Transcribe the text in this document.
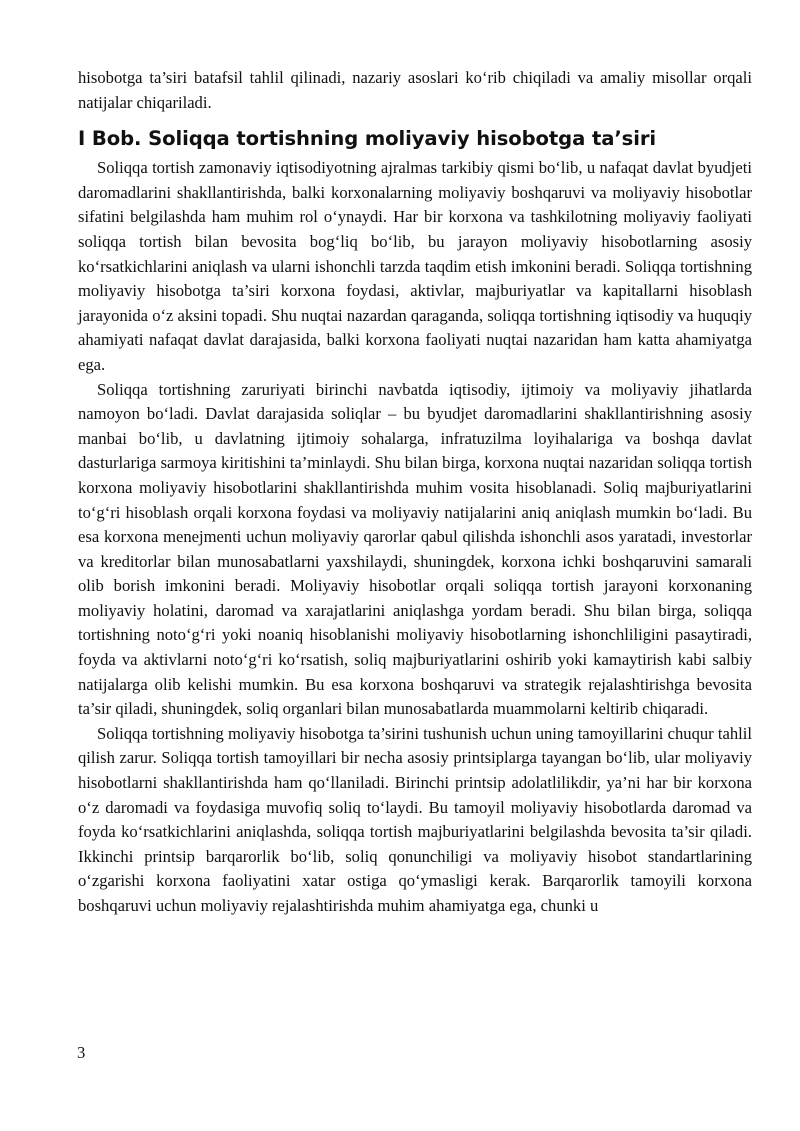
hisobotga ta’siri batafsil tahlil qilinadi, nazariy asoslari ko‘rib chiqiladi va amaliy misollar orqali natijalar chiqariladi.

I Bob. Soliqqa tortishning moliyaviy hisobotga ta’siri

Soliqqa tortish zamonaviy iqtisodiyotning ajralmas tarkibiy qismi bo‘lib, u nafaqat davlat byudjeti daromadlarini shakllantirishda, balki korxonalarning moliyaviy boshqaruvi va moliyaviy hisobotlar sifatini belgilashda ham muhim rol o‘ynaydi. Har bir korxona va tashkilotning moliyaviy faoliyati soliqqa tortish bilan bevosita bog‘liq bo‘lib, bu jarayon moliyaviy hisobotlarning asosiy ko‘rsatkichlarini aniqlash va ularni ishonchli tarzda taqdim etish imkonini beradi. Soliqqa tortishning moliyaviy hisobotga ta’siri korxona foydasi, aktivlar, majburiyatlar va kapitallarni hisoblash jarayonida o‘z aksini topadi. Shu nuqtai nazardan qaraganda, soliqqa tortishning iqtisodiy va huquqiy ahamiyati nafaqat davlat darajasida, balki korxona faoliyati nuqtai nazaridan ham katta ahamiyatga ega.

Soliqqa tortishning zaruriyati birinchi navbatda iqtisodiy, ijtimoiy va moliyaviy jihatlarda namoyon bo‘ladi. Davlat darajasida soliqlar – bu byudjet daromadlarini shakllantirishning asosiy manbai bo‘lib, u davlatning ijtimoiy sohalarga, infratuzilma loyihalariga va boshqa davlat dasturlariga sarmoya kiritishini ta’minlaydi. Shu bilan birga, korxona nuqtai nazaridan soliqqa tortish korxona moliyaviy hisobotlarini shakllantirishda muhim vosita hisoblanadi. Soliq majburiyatlarini to‘g‘ri hisoblash orqali korxona foydasi va moliyaviy natijalarini aniq aniqlash mumkin bo‘ladi. Bu esa korxona menejmenti uchun moliyaviy qarorlar qabul qilishda ishonchli asos yaratadi, investorlar va kreditorlar bilan munosabatlarni yaxshilaydi, shuningdek, korxona ichki boshqaruvini samarali olib borish imkonini beradi. Moliyaviy hisobotlar orqali soliqqa tortish jarayoni korxonaning moliyaviy holatini, daromad va xarajatlarini aniqlashga yordam beradi. Shu bilan birga, soliqqa tortishning noto‘g‘ri yoki noaniq hisoblanishi moliyaviy hisobotlarning ishonchliligini pasaytiradi, foyda va aktivlarni noto‘g‘ri ko‘rsatish, soliq majburiyatlarini oshirib yoki kamaytirish kabi salbiy natijalarga olib kelishi mumkin. Bu esa korxona boshqaruvi va strategik rejalashtirishga bevosita ta’sir qiladi, shuningdek, soliq organlari bilan munosabatlarda muammolarni keltirib chiqaradi.

Soliqqa tortishning moliyaviy hisobotga ta’sirini tushunish uchun uning tamoyillarini chuqur tahlil qilish zarur. Soliqqa tortish tamoyillari bir necha asosiy printsiplarga tayangan bo‘lib, ular moliyaviy hisobotlarni shakllantirishda ham qo‘llaniladi. Birinchi printsip adolatlilikdir, ya’ni har bir korxona o‘z daromadi va foydasiga muvofiq soliq to‘laydi. Bu tamoyil moliyaviy hisobotlarda daromad va foyda ko‘rsatkichlarini aniqlashda, soliqqa tortish majburiyatlarini belgilashda bevosita ta’sir qiladi. Ikkinchi printsip barqarorlik bo‘lib, soliq qonunchiligi va moliyaviy hisobot standartlarining o‘zgarishi korxona faoliyatini xatar ostiga qo‘ymasligi kerak. Barqarorlik tamoyili korxona boshqaruvi uchun moliyaviy rejalashtirishda muhim ahamiyatga ega, chunki u

3
